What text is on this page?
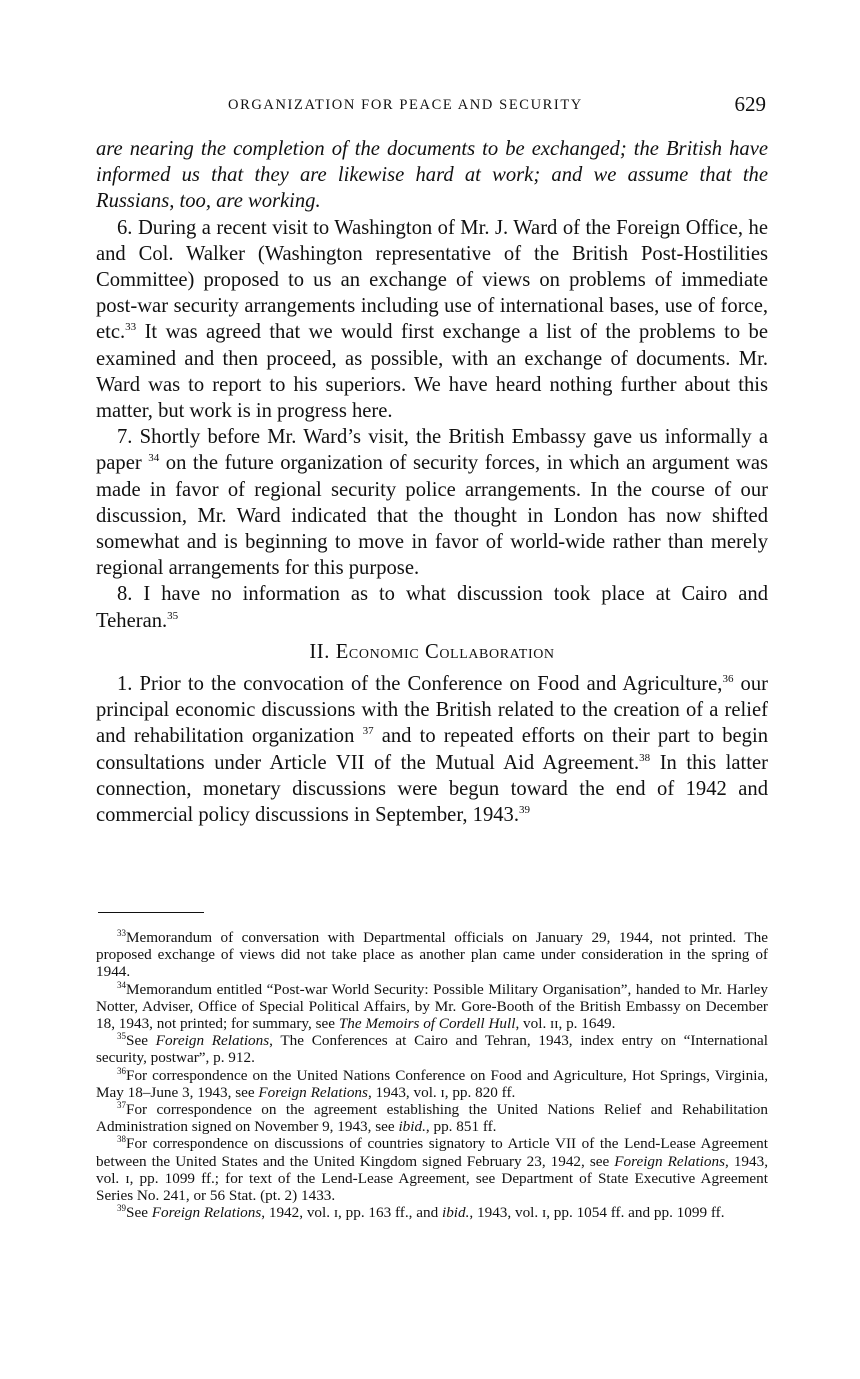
ORGANIZATION FOR PEACE AND SECURITY	629

are nearing the completion of the documents to be exchanged; the British have informed us that they are likewise hard at work; and we assume that the Russians, too, are working.

6. During a recent visit to Washington of Mr. J. Ward of the Foreign Office, he and Col. Walker (Washington representative of the British Post-Hostilities Committee) proposed to us an exchange of views on problems of immediate post-war security arrangements including use of international bases, use of force, etc.$^{33}$ It was agreed that we would first exchange a list of the problems to be examined and then proceed, as possible, with an exchange of documents. Mr. Ward was to report to his superiors. We have heard nothing further about this matter, but work is in progress here.

7. Shortly before Mr. Ward’s visit, the British Embassy gave us informally a paper $^{34}$ on the future organization of security forces, in which an argument was made in favor of regional security police arrangements. In the course of our discussion, Mr. Ward indicated that the thought in London has now shifted somewhat and is beginning to move in favor of world-wide rather than merely regional arrangements for this purpose.

8. I have no information as to what discussion took place at Cairo and Teheran.$^{35}$

II. Economic Collaboration

1. Prior to the convocation of the Conference on Food and Agriculture,$^{36}$ our principal economic discussions with the British related to the creation of a relief and rehabilitation organization $^{37}$ and to repeated efforts on their part to begin consultations under Article VII of the Mutual Aid Agreement.$^{38}$ In this latter connection, monetary discussions were begun toward the end of 1942 and commercial policy discussions in September, 1943.39

$^{33}$Memorandum of conversation with Departmental officials on January 29, 1944, not printed. The proposed exchange of views did not take place as another plan came under consideration in the spring of 1944.

$^{34}$Memorandum entitled “Post-war World Security: Possible Military Organisation”, handed to Mr. Harley Notter, Adviser, Office of Special Political Affairs, by Mr. Gore-Booth of the British Embassy on December 18, 1943, not printed; for summary, see The Memoirs of Cordell Hull, vol. ɪɪ, p. 1649.

$^{35}$See Foreign Relations, The Conferences at Cairo and Tehran, 1943, index entry on “International security, postwar”, p. 912.

$^{36}$For correspondence on the United Nations Conference on Food and Agriculture, Hot Springs, Virginia, May 18–June 3, 1943, see Foreign Relations, 1943, vol. ɪ, pp. 820 ff.

$^{37}$For correspondence on the agreement establishing the United Nations Relief and Rehabilitation Administration signed on November 9, 1943, see ibid., pp. 851 ff.

$^{38}$For correspondence on discussions of countries signatory to Article VII of the Lend-Lease Agreement between the United States and the United Kingdom signed February 23, 1942, see Foreign Relations, 1943, vol. ɪ, pp. 1099 ff.; for text of the Lend-Lease Agreement, see Department of State Executive Agreement Series No. 241, or 56 Stat. (pt. 2) 1433.

$^{39}$See Foreign Relations, 1942, vol. ɪ, pp. 163 ff., and ibid., 1943, vol. ɪ, pp. 1054 ff. and pp. 1099 ff.
